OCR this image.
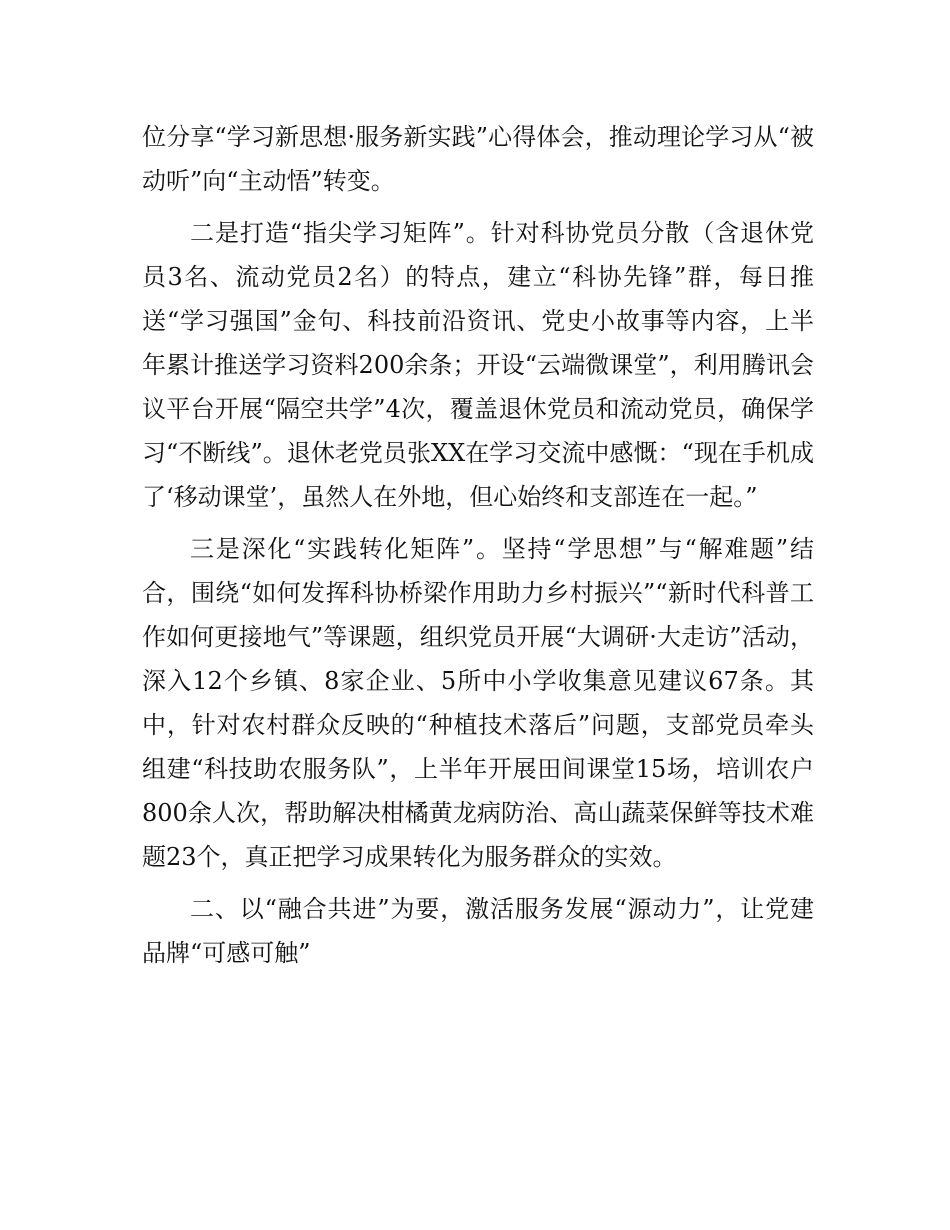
位分享“学习新思想·服务新实践”心得体会，推动理论学习从“被动听”向“主动悟”转变。

二是打造“指尖学习矩阵”。针对科协党员分散（含退休党员3名、流动党员2名）的特点，建立“科协先锋”群，每日推送“学习强国”金句、科技前沿资讯、党史小故事等内容，上半年累计推送学习资料200余条；开设“云端微课堂”，利用腾讯会议平台开展“隔空共学”4次，覆盖退休党员和流动党员，确保学习“不断线”。退休老党员张XX在学习交流中感慨：“现在手机成了‘移动课堂’，虽然人在外地，但心始终和支部连在一起。”

三是深化“实践转化矩阵”。坚持“学思想”与“解难题”结合，围绕“如何发挥科协桥梁作用助力乡村振兴”“新时代科普工作如何更接地气”等课题，组织党员开展“大调研·大走访”活动，深入12个乡镇、8家企业、5所中小学收集意见建议67条。其中，针对农村群众反映的“种植技术落后”问题，支部党员牵头组建“科技助农服务队”，上半年开展田间课堂15场，培训农户800余人次，帮助解决柑橘黄龙病防治、高山蔬菜保鲜等技术难题23个，真正把学习成果转化为服务群众的实效。

二、以“融合共进”为要，激活服务发展“源动力”，让党建品牌“可感可触”
